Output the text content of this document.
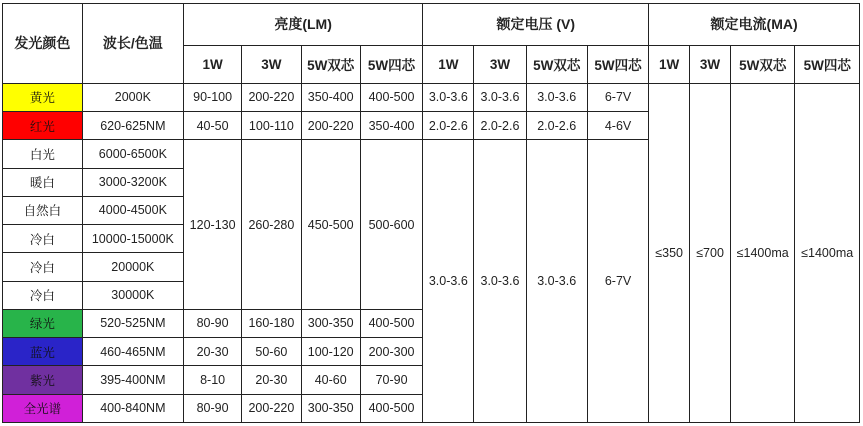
发光颜色	波长/色温	亮度(LM)				额定电压 (V)				额定电流(MA)			
		1W	3W	5W双芯	5W四芯	1W	3W	5W双芯	5W四芯	1W	3W	5W双芯	5W四芯
黄光	2000K	90-100	200-220	350-400	400-500	3.0-3.6	3.0-3.6	3.0-3.6	6-7V	≤350	≤700	≤1400ma	≤1400ma
红光	620-625NM	40-50	100-110	200-220	350-400	2.0-2.6	2.0-2.6	2.0-2.6	4-6V				
白光	6000-6500K	120-130	260-280	450-500	500-600	3.0-3.6	3.0-3.6	3.0-3.6	6-7V				
暖白	3000-3200K												
自然白	4000-4500K												
冷白	10000-15000K												
冷白	20000K												
冷白	30000K												
绿光	520-525NM	80-90	160-180	300-350	400-500								
蓝光	460-465NM	20-30	50-60	100-120	200-300								
紫光	395-400NM	8-10	20-30	40-60	70-90								
全光谱	400-840NM	80-90	200-220	300-350	400-500								
